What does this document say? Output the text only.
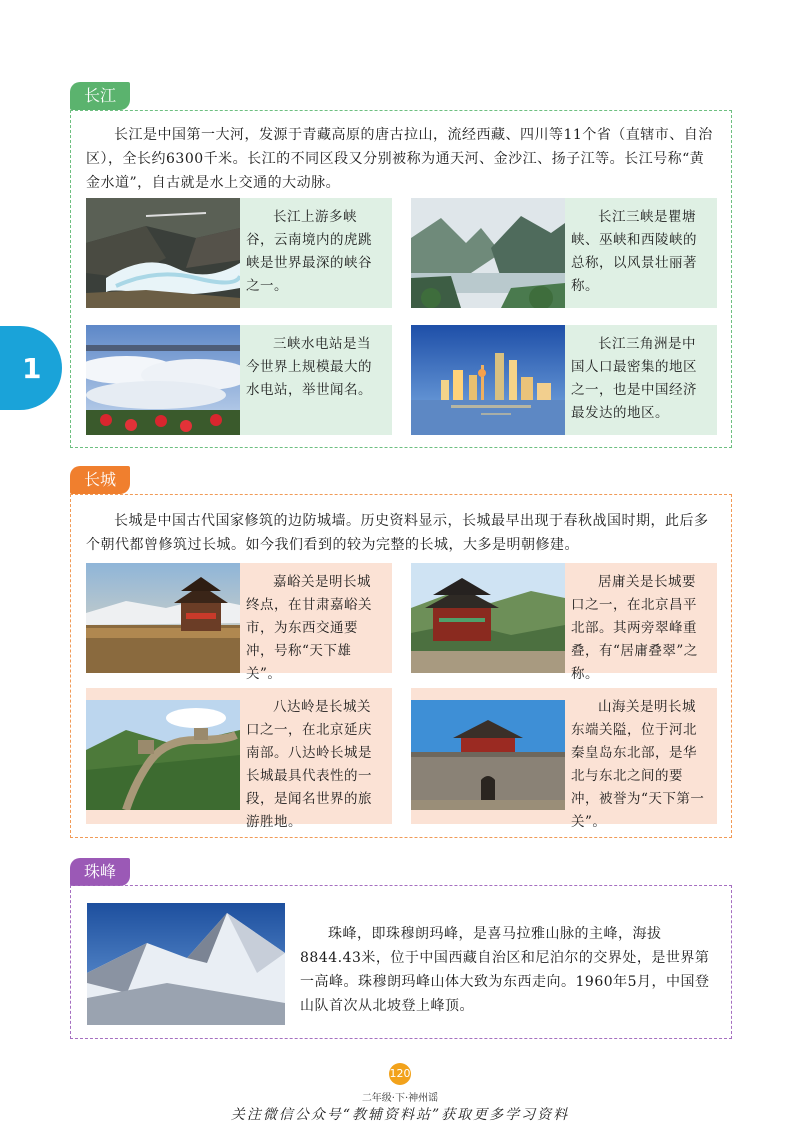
1
长江
长江是中国第一大河，发源于青藏高原的唐古拉山，流经西藏、四川等11个省（直辖市、自治区），全长约6300千米。长江的不同区段又分别被称为通天河、金沙江、扬子江等。长江号称“黄金水道”，自古就是水上交通的大动脉。
长江上游多峡谷，云南境内的虎跳峡是世界最深的峡谷之一。
长江三峡是瞿塘峡、巫峡和西陵峡的总称，以风景壮丽著称。
三峡水电站是当今世界上规模最大的水电站，举世闻名。
长江三角洲是中国人口最密集的地区之一，也是中国经济最发达的地区。
长城
长城是中国古代国家修筑的边防城墙。历史资料显示，长城最早出现于春秋战国时期，此后多个朝代都曾修筑过长城。如今我们看到的较为完整的长城，大多是明朝修建。
嘉峪关是明长城终点，在甘肃嘉峪关市，为东西交通要冲，号称“天下雄关”。
居庸关是长城要口之一，在北京昌平北部。其两旁翠峰重叠，有“居庸叠翠”之称。
八达岭是长城关口之一，在北京延庆南部。八达岭长城是长城最具代表性的一段，是闻名世界的旅游胜地。
山海关是明长城东端关隘，位于河北秦皇岛东北部，是华北与东北之间的要冲，被誉为“天下第一关”。
珠峰
珠峰，即珠穆朗玛峰，是喜马拉雅山脉的主峰，海拔8844.43米，位于中国西藏自治区和尼泊尔的交界处，是世界第一高峰。珠穆朗玛峰山体大致为东西走向。1960年5月，中国登山队首次从北坡登上峰顶。
120
二年级·下·神州谣
关注微信公众号“教辅资料站”获取更多学习资料
